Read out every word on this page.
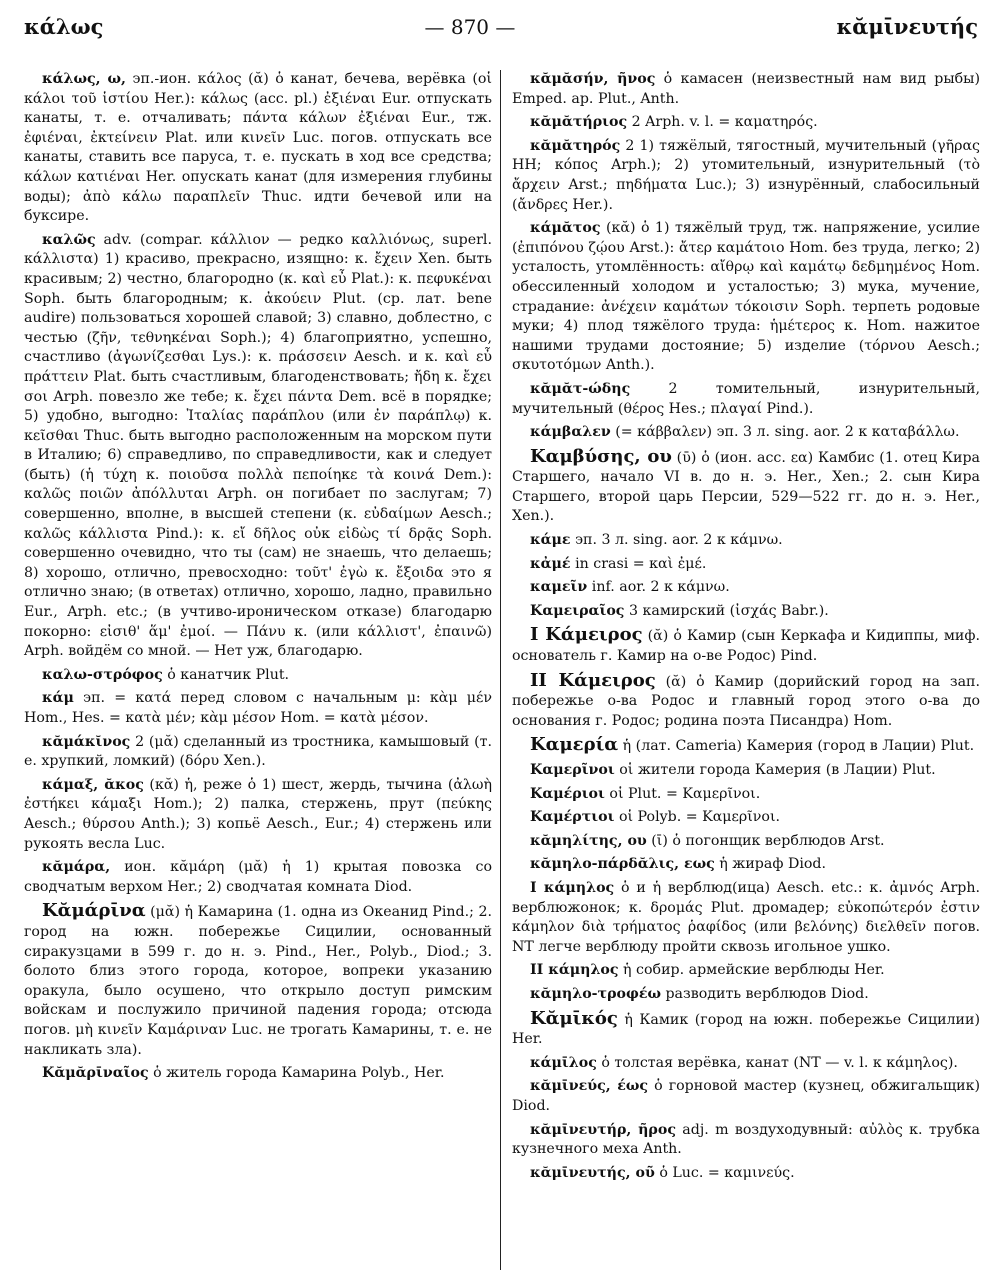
κάλως	— 870 —	κᾰμῑνευτής

κάλως, ω, эп.-ион. κάλος (ᾰ) ὁ канат, бечева, верёвка (οἱ κάλοι τοῦ ἱστίου Her.): κάλως (acc. pl.) ἐξιέναι Eur. отпускать канаты, т. е. отчаливать; πάντα κάλων ἐξιέναι Eur., тж. ἐφιέναι, ἐκτείνειν Plat. или κινεῖν Luc. погов. отпускать все канаты, ставить все паруса, т. е. пускать в ход все средства; κάλων κατιέναι Her. опускать канат (для измерения глубины воды); ἀπὸ κάλω παραπλεῖν Thuc. идти бечевой или на буксире.

καλῶς adv. (compar. κάλλιον — редко καλλιόνως, superl. κάλλιστα) 1) красиво, прекрасно, изящно: κ. ἔχειν Xen. быть красивым; 2) честно, благородно (κ. καὶ εὖ Plat.): κ. πεφυκέναι Soph. быть благородным; κ. ἀκούειν Plut. (ср. лат. bene audire) пользоваться хорошей славой; 3) славно, доблестно, с честью (ζῆν, τεθνηκέναι Soph.); 4) благоприятно, успешно, счастливо (ἀγωνίζεσθαι Lys.): κ. πράσσειν Aesch. и κ. καὶ εὖ πράττειν Plat. быть счастливым, благоденствовать; ἤδη κ. ἔχει σοι Arph. повезло же тебе; κ. ἔχει πάντα Dem. всё в порядке; 5) удобно, выгодно: Ἰταλίας παράπλου (или ἐν παράπλῳ) κ. κεῖσθαι Thuc. быть выгодно расположенным на морском пути в Италию; 6) справедливо, по справедливости, как и следует (быть) (ἡ τύχη κ. ποιοῦσα πολλὰ πεποίηκε τὰ κοινά Dem.): καλῶς ποιῶν ἀπόλλυται Arph. он погибает по заслугам; 7) совершенно, вполне, в высшей степени (κ. εὐδαίμων Aesch.; καλῶς κάλλιστα Pind.): κ. εἴ δῆλος οὐκ εἰδὼς τί δρᾷς Soph. совершенно очевидно, что ты (сам) не знаешь, что делаешь; 8) хорошо, отлично, превосходно: τοῦτ' ἐγὼ κ. ἔξοιδα это я отлично знаю; (в ответах) отлично, хорошо, ладно, правильно Eur., Arph. etc.; (в учтиво-ироническом отказе) благодарю покорно: εἰσιθ' ἅμ' ἐμοί. — Πάνυ κ. (или κάλλιστ', ἐπαινῶ) Arph. войдём со мной. — Нет уж, благодарю.

καλω-στρόφος ὁ канатчик Plut.

κάμ эп. = κατά перед словом с начальным μ: κὰμ μέν Hom., Hes. = κατὰ μέν; κὰμ μέσον Hom. = κατὰ μέσον.

κᾰμάκῐνος 2 (μᾰ) сделанный из тростника, камышовый (т. е. хрупкий, ломкий) (δόρυ Xen.).

κάμαξ, ᾰκος (κᾰ) ἡ, реже ὁ 1) шест, жердь, тычина (ἀλωὴ ἐστήκει κάμαξι Hom.); 2) палка, стержень, прут (πεύκης Aesch.; θύρσου Anth.); 3) копьё Aesch., Eur.; 4) стержень или рукоять весла Luc.

κᾰμάρα, ион. κᾰμάρη (μᾰ) ἡ 1) крытая повозка со сводчатым верхом Her.; 2) сводчатая комната Diod.

Κᾰμάρῑνα (μᾰ) ἡ Камарина (1. одна из Океанид Pind.; 2. город на южн. побережье Сицилии, основанный сиракузцами в 599 г. до н. э. Pind., Her., Polyb., Diod.; 3. болото близ этого города, которое, вопреки указанию оракула, было осушено, что открыло доступ римским войскам и послужило причиной падения города; отсюда погов. μὴ κινεῖν Καμάριναν Luc. не трогать Камарины, т. е. не накликать зла).

Κᾰμᾰρῑναῖος ὁ житель города Камарина Polyb., Her.

κᾰμᾰσήν, ῆνος ὁ камасен (неизвестный нам вид рыбы) Emped. ap. Plut., Anth.

κᾰμᾰτήριος 2 Arph. v. l. = καματηρός.

κᾰμᾰτηρός 2 1) тяжёлый, тягостный, мучительный (γῆρας HH; κόπος Arph.); 2) утомительный, изнурительный (τὸ ἄρχειν Arst.; πηδήματα Luc.); 3) изнурённый, слабосильный (ἄνδρες Her.).

κάμᾰτος (κᾰ) ὁ 1) тяжёлый труд, тж. напряжение, усилие (ἐπιπόνου ζῴου Arst.): ἄτερ καμάτοιο Hom. без труда, легко; 2) усталость, утомлённость: αἴθρῳ καὶ καμάτῳ δεδμημένος Hom. обессиленный холодом и усталостью; 3) мука, мучение, страдание: ἀνέχειν καμάτων τόκοισιν Soph. терпеть родовые муки; 4) плод тяжёлого труда: ἡμέτερος κ. Hom. нажитое нашими трудами достояние; 5) изделие (τόρνου Aesch.; σκυτοτόμων Anth.).

κᾰμᾰτ-ώδης 2 томительный, изнурительный, мучительный (θέρος Hes.; πλαγαί Pind.).

κάμβαλεν (= κάββαλεν) эп. 3 л. sing. aor. 2 к καταβάλλω.

Καμβύσης, ου (ῡ) ὁ (ион. acc. εα) Камбис (1. отец Кира Старшего, начало VI в. до н. э. Her., Xen.; 2. сын Кира Старшего, второй царь Персии, 529—522 гг. до н. э. Her., Xen.).

κάμε эп. 3 л. sing. aor. 2 к κάμνω.

κἀμέ in crasi = καὶ ἐμέ.

καμεῖν inf. aor. 2 к κάμνω.

Καμειραῖος 3 камирский (ἰσχάς Babr.).

I Κάμειρος (ᾰ) ὁ Камир (сын Керкафа и Кидиппы, миф. основатель г. Камир на о-ве Родос) Pind.

II Κάμειρος (ᾰ) ὁ Камир (дорийский город на зап. побережье о-ва Родос и главный город этого о-ва до основания г. Родос; родина поэта Писандра) Hom.

Καμερία ἡ (лат. Cameria) Камерия (город в Лации) Plut.

Καμερῖνοι οἱ жители города Камерия (в Лации) Plut.

Καμέριοι οἱ Plut. = Καμερῖνοι.

Καμέρτιοι οἱ Polyb. = Καμερῖνοι.

κᾰμηλίτης, ου (ῑ) ὁ погонщик верблюдов Arst.

κᾰμηλο-πάρδᾰλις, εως ἡ жираф Diod.

I κάμηλος ὁ и ἡ верблюд(ица) Aesch. etc.: κ. ἀμνός Arph. верблюжонок; κ. δρομάς Plut. дромадер; εὐκοπώτερόν ἐστιν κάμηλον διὰ τρήματος ῥαφίδος (или βελόνης) διελθεῖν погов. NT легче верблюду пройти сквозь игольное ушко.

II κάμηλος ἡ собир. армейские верблюды Her.

κᾰμηλο-τροφέω разводить верблюдов Diod.

Κᾰμῑκός ἡ Камик (город на южн. побережье Сицилии) Her.

κάμῑλος ὁ толстая верёвка, канат (NT — v. l. к κάμηλος).

κᾰμῑνεύς, έως ὁ горновой мастер (кузнец, обжигальщик) Diod.

κᾰμῑνευτήρ, ῆρος adj. m воздуходувный: αὐλὸς κ. трубка кузнечного меха Anth.

κᾰμῑνευτής, οῦ ὁ Luc. = καμινεύς.
